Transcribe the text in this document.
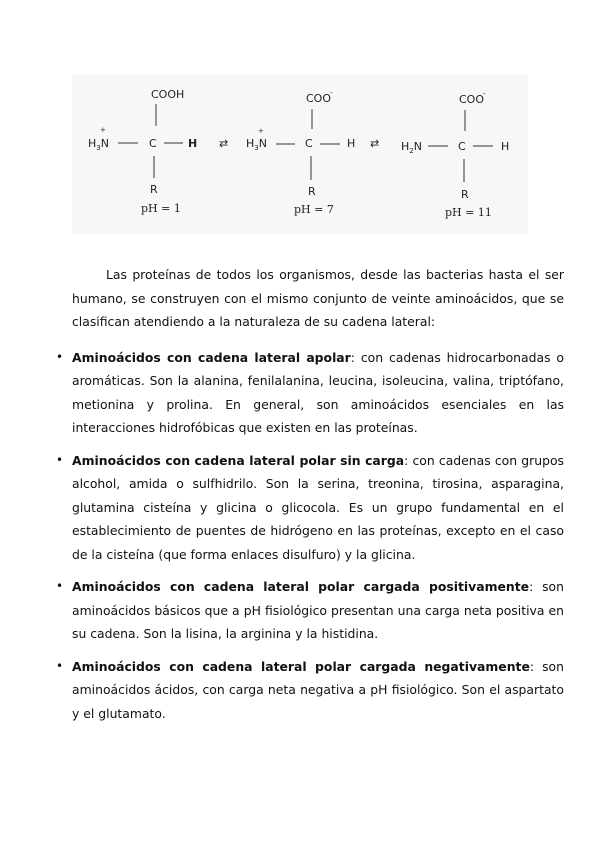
COOH
$H_3N$
+
C	H
R
pH = 1
⇄
COO -
$H_3N$
+
C	H
R
pH = 7
⇄
COO -
$H_2N$	C	H
R
pH = 11

Las proteínas de todos los organismos, desde las bacterias hasta el ser humano, se construyen con el mismo conjunto de veinte aminoácidos, que se clasifican atendiendo a la naturaleza de su cadena lateral:

• Aminoácidos con cadena lateral apolar: con cadenas hidrocarbonadas o aromáticas. Son la alanina, fenilalanina, leucina, isoleucina, valina, triptófano, metionina y prolina. En general, son aminoácidos esenciales en las interacciones hidrofóbicas que existen en las proteínas.
• Aminoácidos con cadena lateral polar sin carga: con cadenas con grupos alcohol, amida o sulfhidrilo. Son la serina, treonina, tirosina, asparagina, glutamina cisteína y glicina o glicocola. Es un grupo fundamental en el establecimiento de puentes de hidrógeno en las proteínas, excepto en el caso de la cisteína (que forma enlaces disulfuro) y la glicina.
• Aminoácidos con cadena lateral polar cargada positivamente: son aminoácidos básicos que a pH fisiológico presentan una carga neta positiva en su cadena. Son la lisina, la arginina y la histidina.
• Aminoácidos con cadena lateral polar cargada negativamente: son aminoácidos ácidos, con carga neta negativa a pH fisiológico. Son el aspartato y el glutamato.
